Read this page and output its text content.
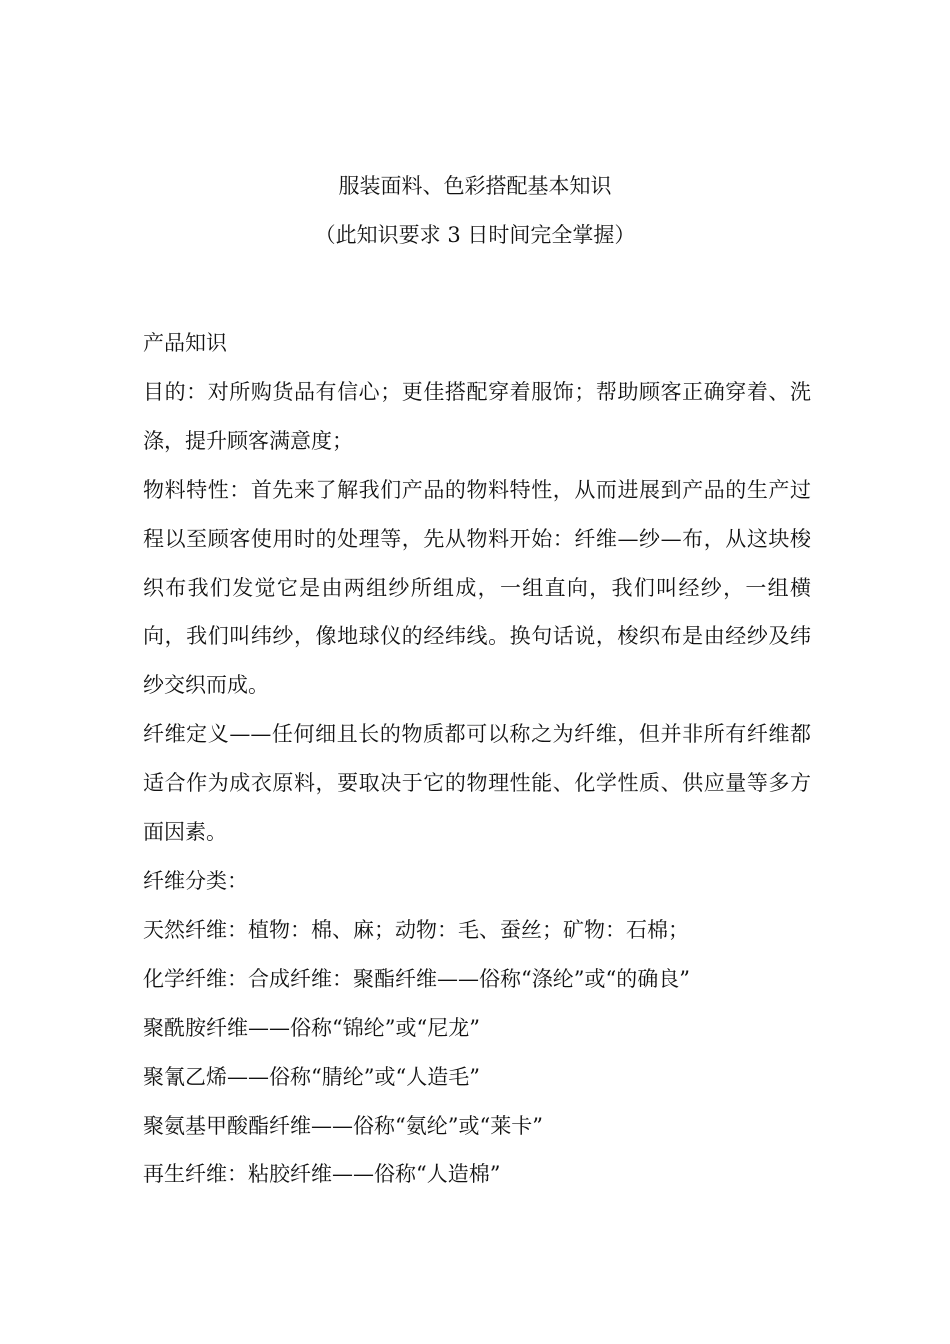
服装面料、色彩搭配基本知识
（此知识要求 3 日时间完全掌握）

产品知识

目的：对所购货品有信心；更佳搭配穿着服饰；帮助顾客正确穿着、洗涤，提升顾客满意度；

物料特性：首先来了解我们产品的物料特性，从而进展到产品的生产过程以至顾客使用时的处理等，先从物料开始：纤维—纱—布，从这块梭织布我们发觉它是由两组纱所组成，一组直向，我们叫经纱，一组横向，我们叫纬纱，像地球仪的经纬线。换句话说，梭织布是由经纱及纬纱交织而成。

纤维定义——任何细且长的物质都可以称之为纤维，但并非所有纤维都适合作为成衣原料，要取决于它的物理性能、化学性质、供应量等多方面因素。

纤维分类：

天然纤维：植物：棉、麻；动物：毛、蚕丝；矿物：石棉；

化学纤维：合成纤维：聚酯纤维——俗称“涤纶”或“的确良”

聚酰胺纤维——俗称“锦纶”或“尼龙”

聚氰乙烯——俗称“腈纶”或“人造毛”

聚氨基甲酸酯纤维——俗称“氨纶”或“莱卡”

再生纤维：粘胶纤维——俗称“人造棉”
